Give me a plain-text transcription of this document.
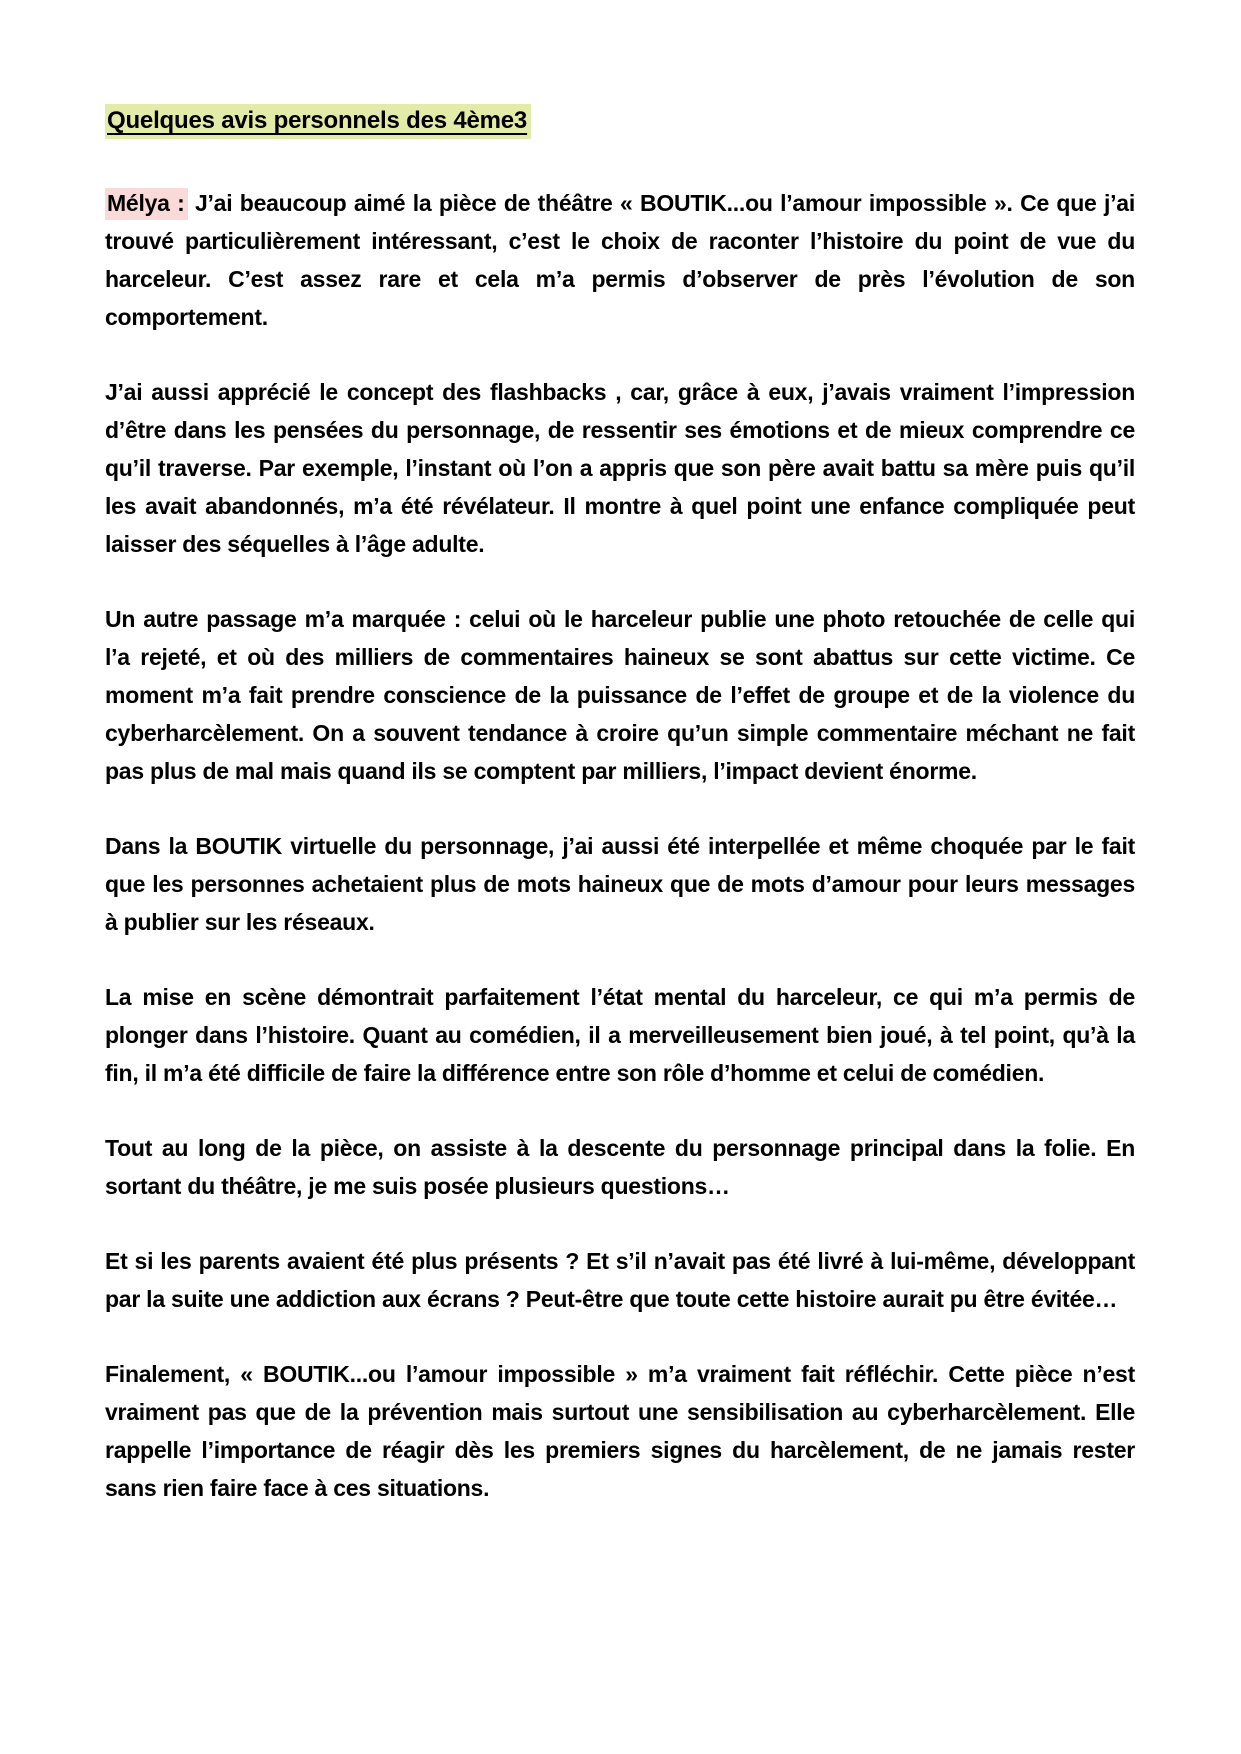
Quelques avis personnels des 4ème3

Mélya : J’ai beaucoup aimé la pièce de théâtre « BOUTIK...ou l’amour impossible ». Ce que j’ai trouvé particulièrement intéressant, c’est le choix de raconter l’histoire du point de vue du harceleur. C’est assez rare et cela m’a permis d’observer de près l’évolution de son comportement.

J’ai aussi apprécié le concept des flashbacks , car, grâce à eux, j’avais vraiment l’impression d’être dans les pensées du personnage, de ressentir ses émotions et de mieux comprendre ce qu’il traverse. Par exemple, l’instant où l’on a appris que son père avait battu sa mère puis qu’il les avait abandonnés, m’a été révélateur. Il montre à quel point une enfance compliquée peut laisser des séquelles à l’âge adulte.

Un autre passage m’a marquée : celui où le harceleur publie une photo retouchée de celle qui l’a rejeté, et où des milliers de commentaires haineux se sont abattus sur cette victime. Ce moment m’a fait prendre conscience de la puissance de l’effet de groupe et de la violence du cyberharcèlement. On a souvent tendance à croire qu’un simple commentaire méchant ne fait pas plus de mal mais quand ils se comptent par milliers, l’impact devient énorme.

Dans la BOUTIK virtuelle du personnage, j’ai aussi été interpellée et même choquée par le fait que les personnes achetaient plus de mots haineux que de mots d’amour pour leurs messages à publier sur les réseaux.

La mise en scène démontrait parfaitement l’état mental du harceleur, ce qui m’a permis de plonger dans l’histoire. Quant au comédien, il a merveilleusement bien joué, à tel point, qu’à la fin, il m’a été difficile de faire la différence entre son rôle d’homme et celui de comédien.

Tout au long de la pièce, on assiste à la descente du personnage principal dans la folie. En sortant du théâtre, je me suis posée plusieurs questions…

Et si les parents avaient été plus présents ? Et s’il n’avait pas été livré à lui-même, développant par la suite une addiction aux écrans ? Peut-être que toute cette histoire aurait pu être évitée…

Finalement, « BOUTIK...ou l’amour impossible » m’a vraiment fait réfléchir. Cette pièce n’est vraiment pas que de la prévention mais surtout une sensibilisation au cyberharcèlement. Elle rappelle l’importance de réagir dès les premiers signes du harcèlement, de ne jamais rester sans rien faire face à ces situations.
